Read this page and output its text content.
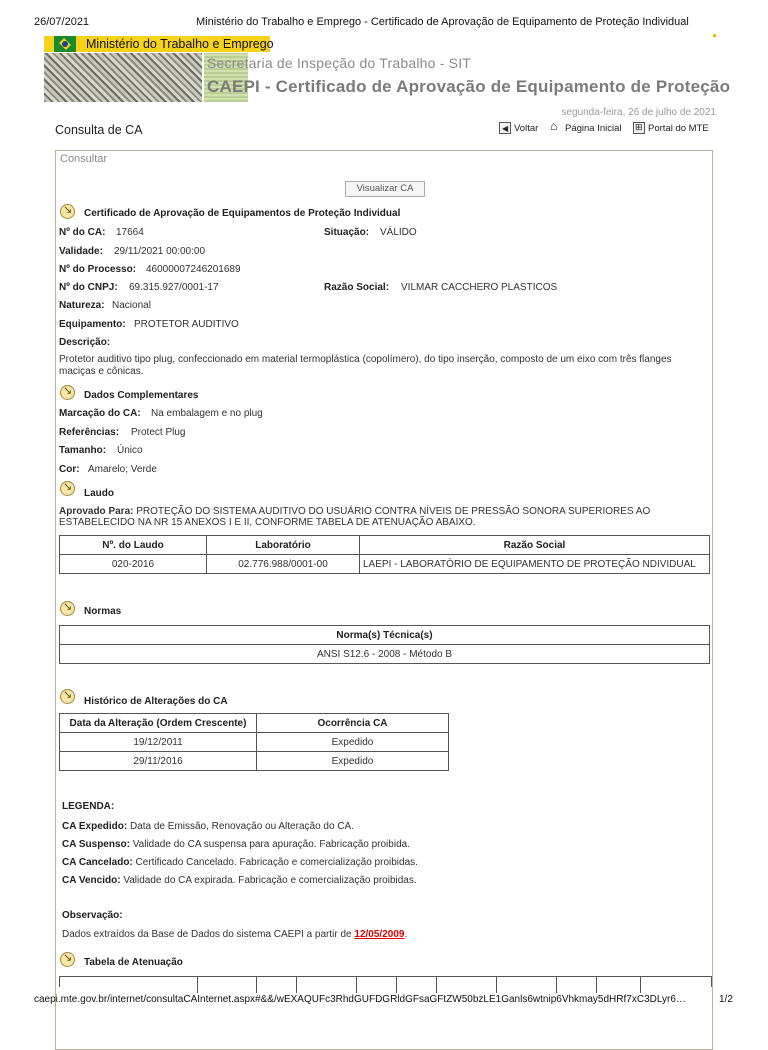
26/07/2021	Ministério do Trabalho e Emprego - Certificado de Aprovação de Equipamento de Proteção Individual
Ministério do Trabalho e Emprego
Secretaria de Inspeção do Trabalho - SIT
CAEPI - Certificado de Aprovação de Equipamento de Proteção
segunda-feira, 26 de julho de 2021
Consulta de CA	◀ Voltar ⌂ Página Inicial ⊞ Portal do MTE
Consultar
Visualizar CA
↘
Certificado de Aprovação de Equipamentos de Proteção Individual
Nº do CA: 17664	Situação: VÁLIDO
Validade: 29/11/2021 00:00:00
Nº do Processo: 46000007246201689
Nº do CNPJ: 69.315.927/0001-17	Razão Social: VILMAR CACCHERO PLASTICOS
Natureza: Nacional
Equipamento: PROTETOR AUDITIVO
Descrição:
Protetor auditivo tipo plug, confeccionado em material termoplástica (copolímero), do tipo inserção, composto de um eixo com três flanges maciças e cônicas.
↘
Dados Complementares
Marcação do CA: Na embalagem e no plug
Referências: Protect Plug
Tamanho: Único
Cor: Amarelo; Verde
↘
Laudo
Aprovado Para: PROTEÇÃO DO SISTEMA AUDITIVO DO USUÁRIO CONTRA NÍVEIS DE PRESSÃO SONORA SUPERIORES AO ESTABELECIDO NA NR 15 ANEXOS I E II, CONFORME TABELA DE ATENUAÇÃO ABAIXO.
Nº. do Laudo	Laboratório	Razão Social
020-2016	02.776.988/0001-00	LAEPI - LABORATÓRIO DE EQUIPAMENTO DE PROTEÇÃO NDIVIDUAL
↘
Normas
Norma(s) Técnica(s)
ANSI S12.6 - 2008 - Método B
↘
Histórico de Alterações do CA
Data da Alteração (Ordem Crescente)	Ocorrência CA
19/12/2011	Expedido
29/11/2016	Expedido
LEGENDA:
CA Expedido: Data de Emissão, Renovação ou Alteração do CA.
CA Suspenso: Validade do CA suspensa para apuração. Fabricação proibida.
CA Cancelado: Certificado Cancelado. Fabricação e comercialização proibidas.
CA Vencido: Validade do CA expirada. Fabricação e comercialização proibidas.
Observação:
Dados extraídos da Base de Dados do sistema CAEPI a partir de 12/05/2009.
↘
Tabela de Atenuação
caepi.mte.gov.br/internet/consultaCAInternet.aspx#&&/wEXAQUFc3RhdGUFDGRldGFsaGFtZW50bzLE1Ganls6wtnip6Vhkmay5dHRf7xC3DLyr6…	1/2
